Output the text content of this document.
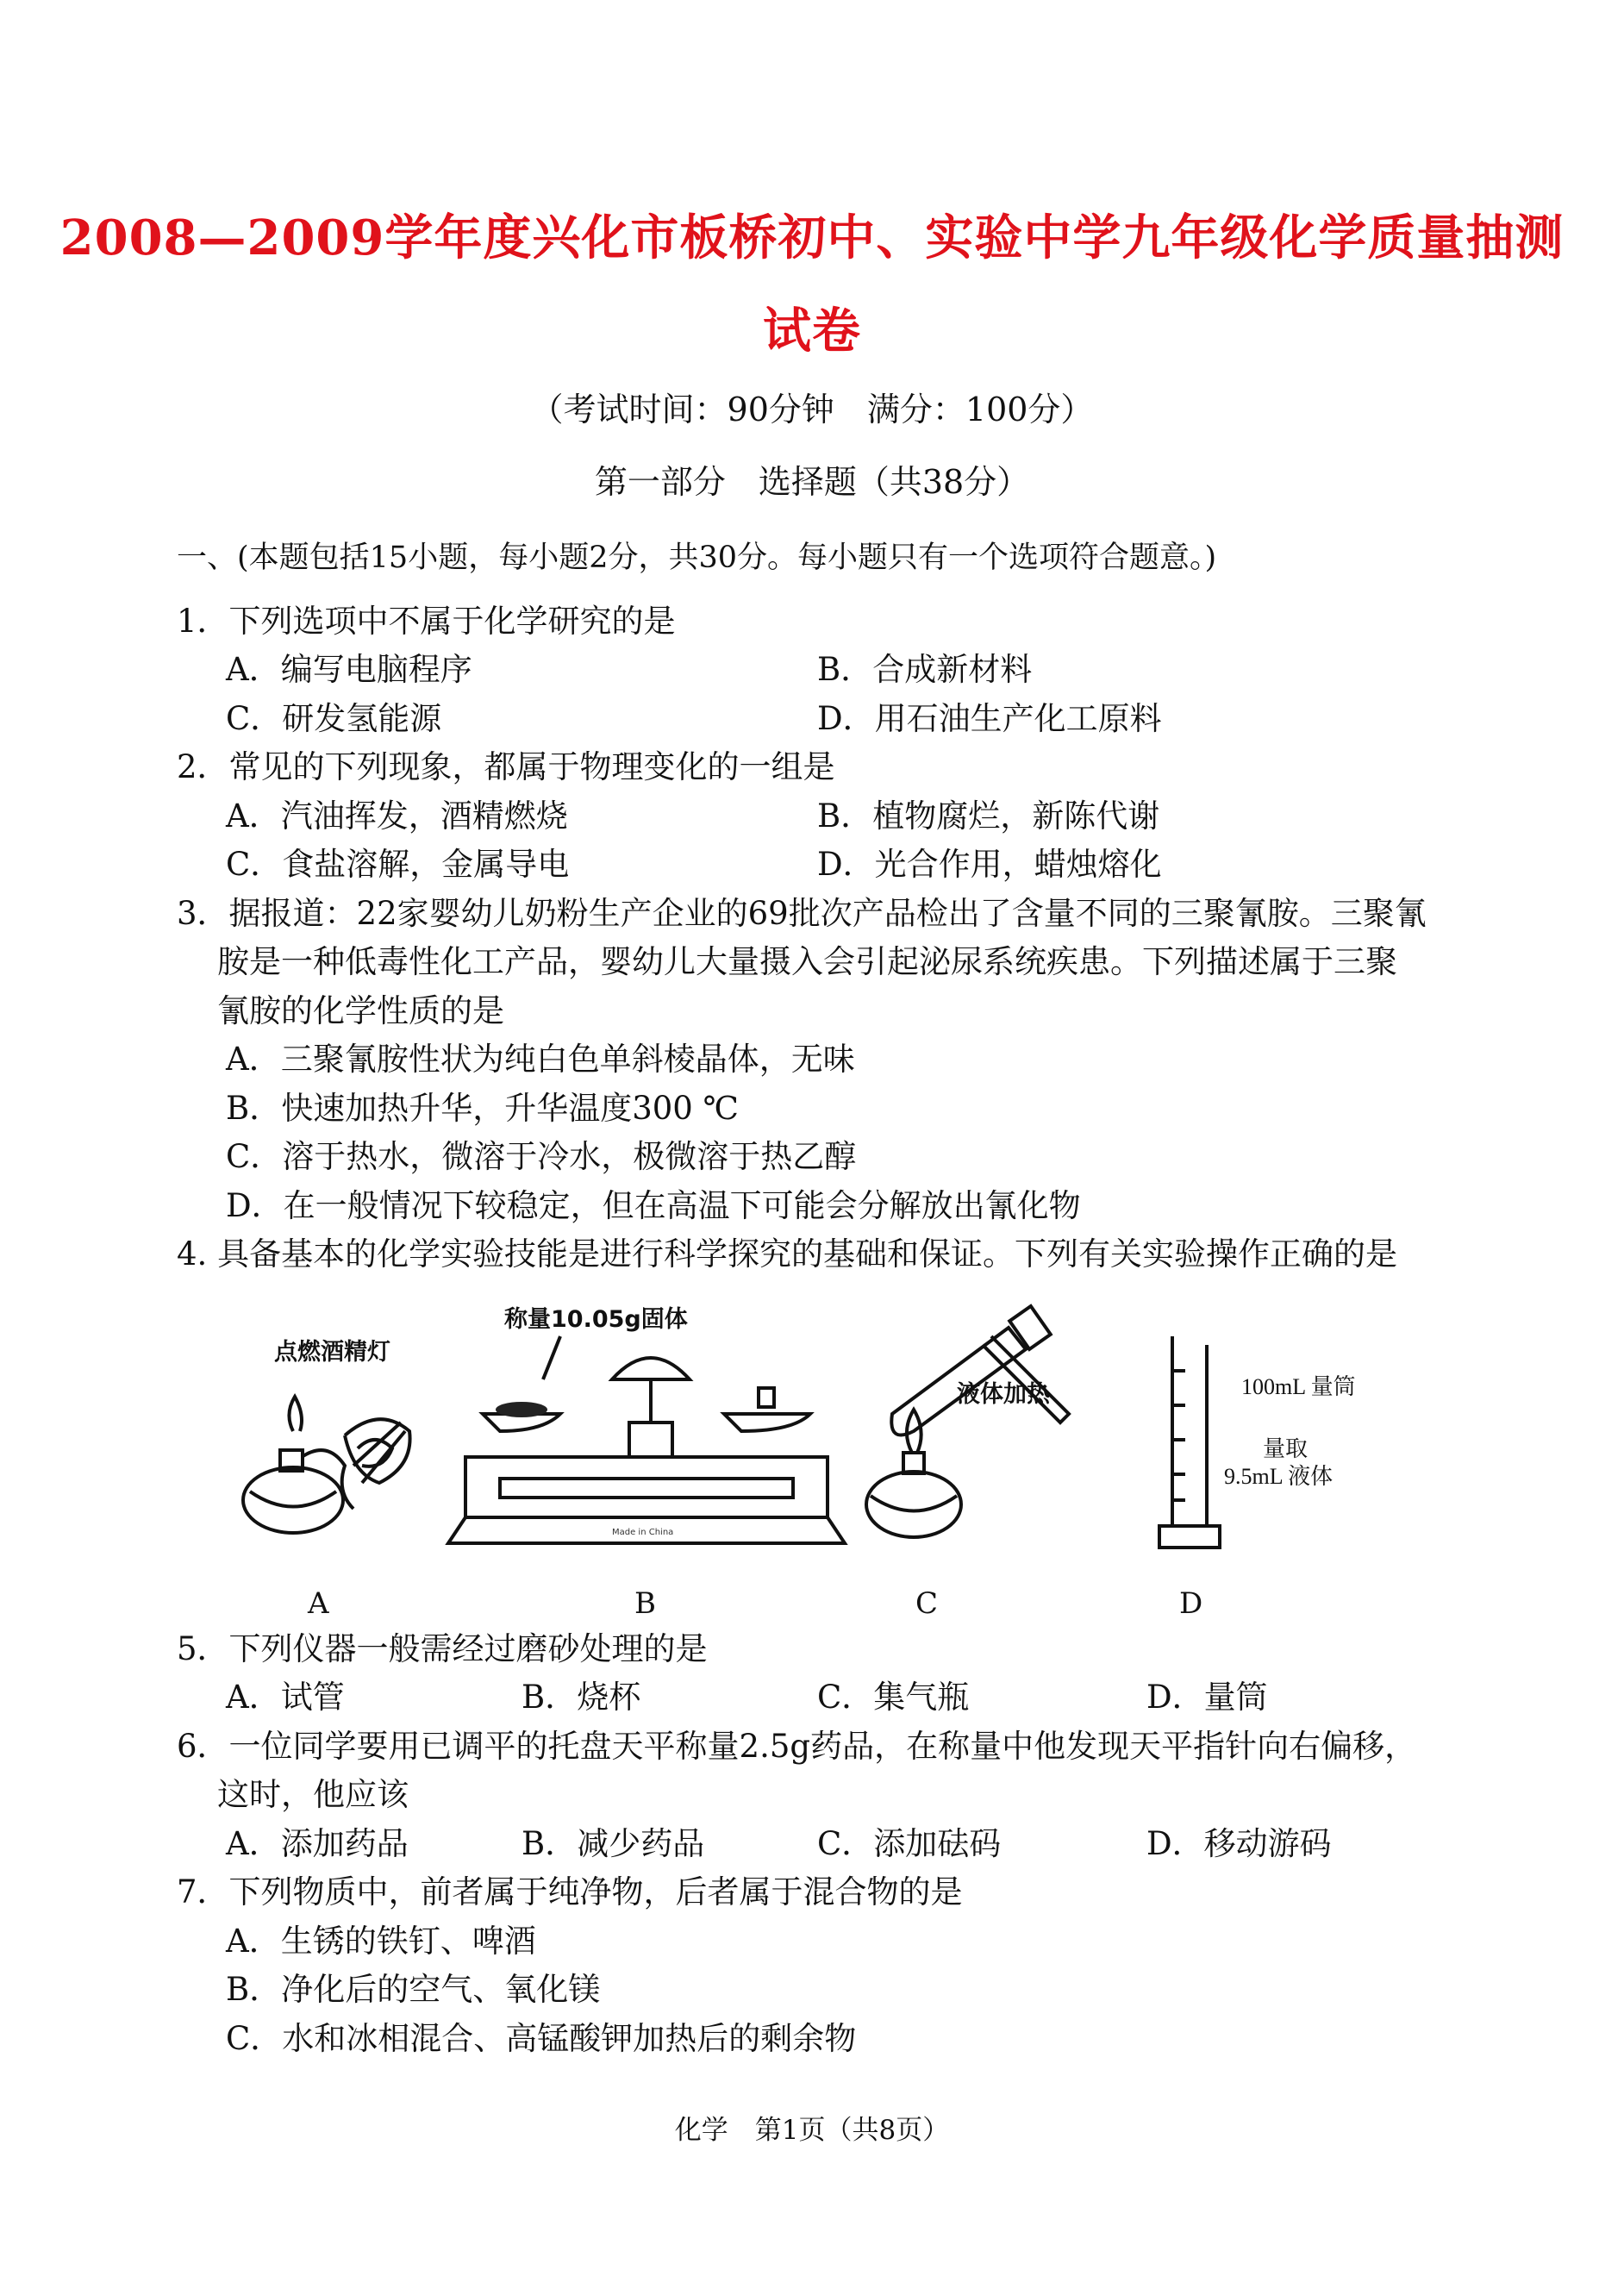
2008—2009学年度兴化市板桥初中、实验中学九年级化学质量抽测
试卷
（考试时间：90分钟　满分：100分）
第一部分　选择题（共38分）
一、(本题包括15小题，每小题2分，共30分。每小题只有一个选项符合题意。)
1．下列选项中不属于化学研究的是
A．编写电脑程序	B．合成新材料
C．研发氢能源	D．用石油生产化工原料
2．常见的下列现象，都属于物理变化的一组是
A．汽油挥发，酒精燃烧	B．植物腐烂，新陈代谢
C．食盐溶解，金属导电	D．光合作用，蜡烛熔化
3．据报道：22家婴幼儿奶粉生产企业的69批次产品检出了含量不同的三聚氰胺。三聚氰
胺是一种低毒性化工产品，婴幼儿大量摄入会引起泌尿系统疾患。下列描述属于三聚
氰胺的化学性质的是
A．三聚氰胺性状为纯白色单斜棱晶体，无味
B．快速加热升华，升华温度300 ℃
C．溶于热水，微溶于冷水，极微溶于热乙醇
D．在一般情况下较稳定，但在高温下可能会分解放出氰化物
4. 具备基本的化学实验技能是进行科学探究的基础和保证。下列有关实验操作正确的是
点燃酒精灯
A
称量10.05g固体
Made in China
B
液体加热
C
100mL 量筒
量取
9.5mL 液体
D
5．下列仪器一般需经过磨砂处理的是
A．试管	B．烧杯	C．集气瓶	D．量筒
6．一位同学要用已调平的托盘天平称量2.5g药品，在称量中他发现天平指针向右偏移，
这时，他应该
A．添加药品	B．减少药品	C．添加砝码	D．移动游码
7．下列物质中，前者属于纯净物，后者属于混合物的是
A．生锈的铁钉、啤酒
B．净化后的空气、氧化镁
C．水和冰相混合、高锰酸钾加热后的剩余物
化学　第1页（共8页）
